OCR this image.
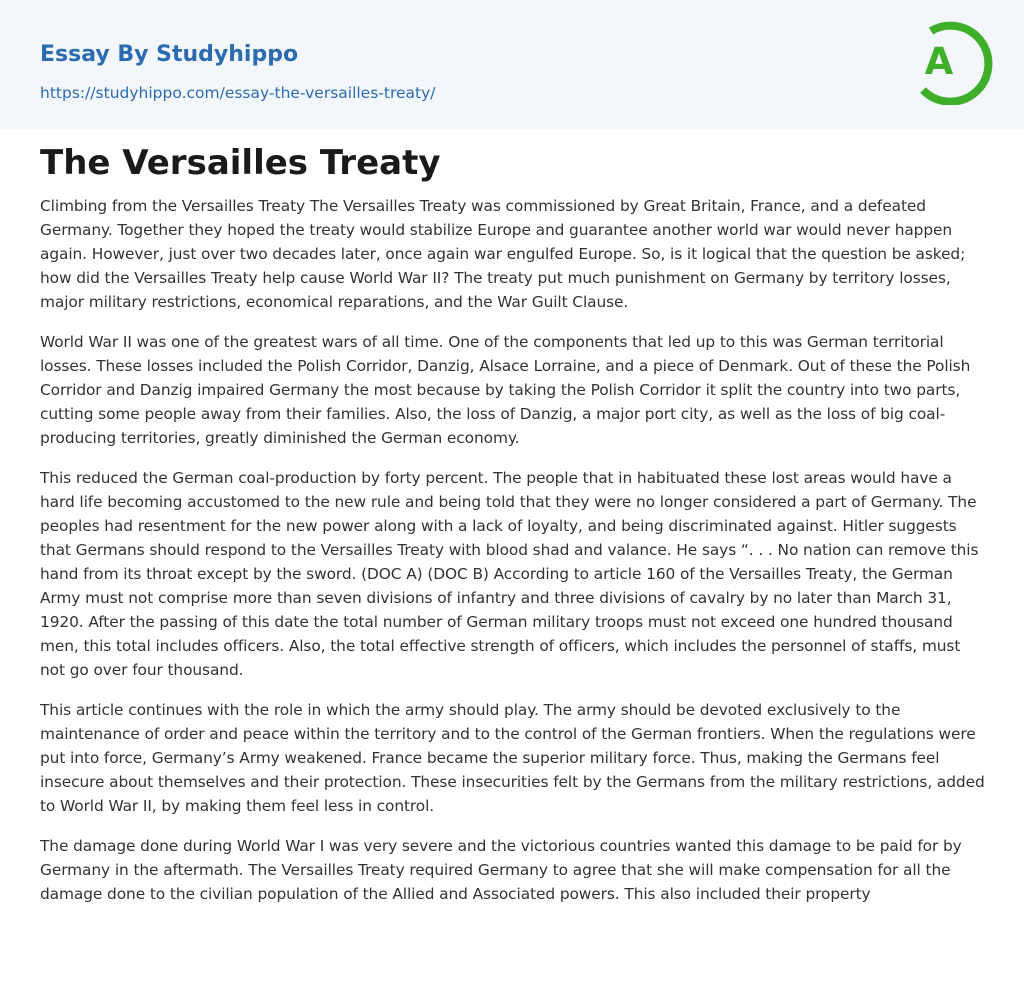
Essay By Studyhippo
https://studyhippo.com/essay-the-versailles-treaty/
A
The Versailles Treaty

Climbing from the Versailles Treaty The Versailles Treaty was commissioned by Great Britain, France, and a defeated Germany. Together they hoped the treaty would stabilize Europe and guarantee another world war would never happen again. However, just over two decades later, once again war engulfed Europe. So, is it logical that the question be asked; how did the Versailles Treaty help cause World War II? The treaty put much punishment on Germany by territory losses, major military restrictions, economical reparations, and the War Guilt Clause.

World War II was one of the greatest wars of all time. One of the components that led up to this was German territorial losses. These losses included the Polish Corridor, Danzig, Alsace Lorraine, and a piece of Denmark. Out of these the Polish Corridor and Danzig impaired Germany the most because by taking the Polish Corridor it split the country into two parts, cutting some people away from their families. Also, the loss of Danzig, a major port city, as well as the loss of big coal-producing territories, greatly diminished the German economy.

This reduced the German coal-production by forty percent. The people that in habituated these lost areas would have a hard life becoming accustomed to the new rule and being told that they were no longer considered a part of Germany. The peoples had resentment for the new power along with a lack of loyalty, and being discriminated against. Hitler suggests that Germans should respond to the Versailles Treaty with blood shad and valance. He says “. . . No nation can remove this hand from its throat except by the sword. (DOC A) (DOC B) According to article 160 of the Versailles Treaty, the German Army must not comprise more than seven divisions of infantry and three divisions of cavalry by no later than March 31, 1920. After the passing of this date the total number of German military troops must not exceed one hundred thousand men, this total includes officers. Also, the total effective strength of officers, which includes the personnel of staffs, must not go over four thousand.

This article continues with the role in which the army should play. The army should be devoted exclusively to the maintenance of order and peace within the territory and to the control of the German frontiers. When the regulations were put into force, Germany’s Army weakened. France became the superior military force. Thus, making the Germans feel insecure about themselves and their protection. These insecurities felt by the Germans from the military restrictions, added to World War II, by making them feel less in control.

The damage done during World War I was very severe and the victorious countries wanted this damage to be paid for by Germany in the aftermath. The Versailles Treaty required Germany to agree that she will make compensation for all the damage done to the civilian population of the Allied and Associated powers. This also included their property
